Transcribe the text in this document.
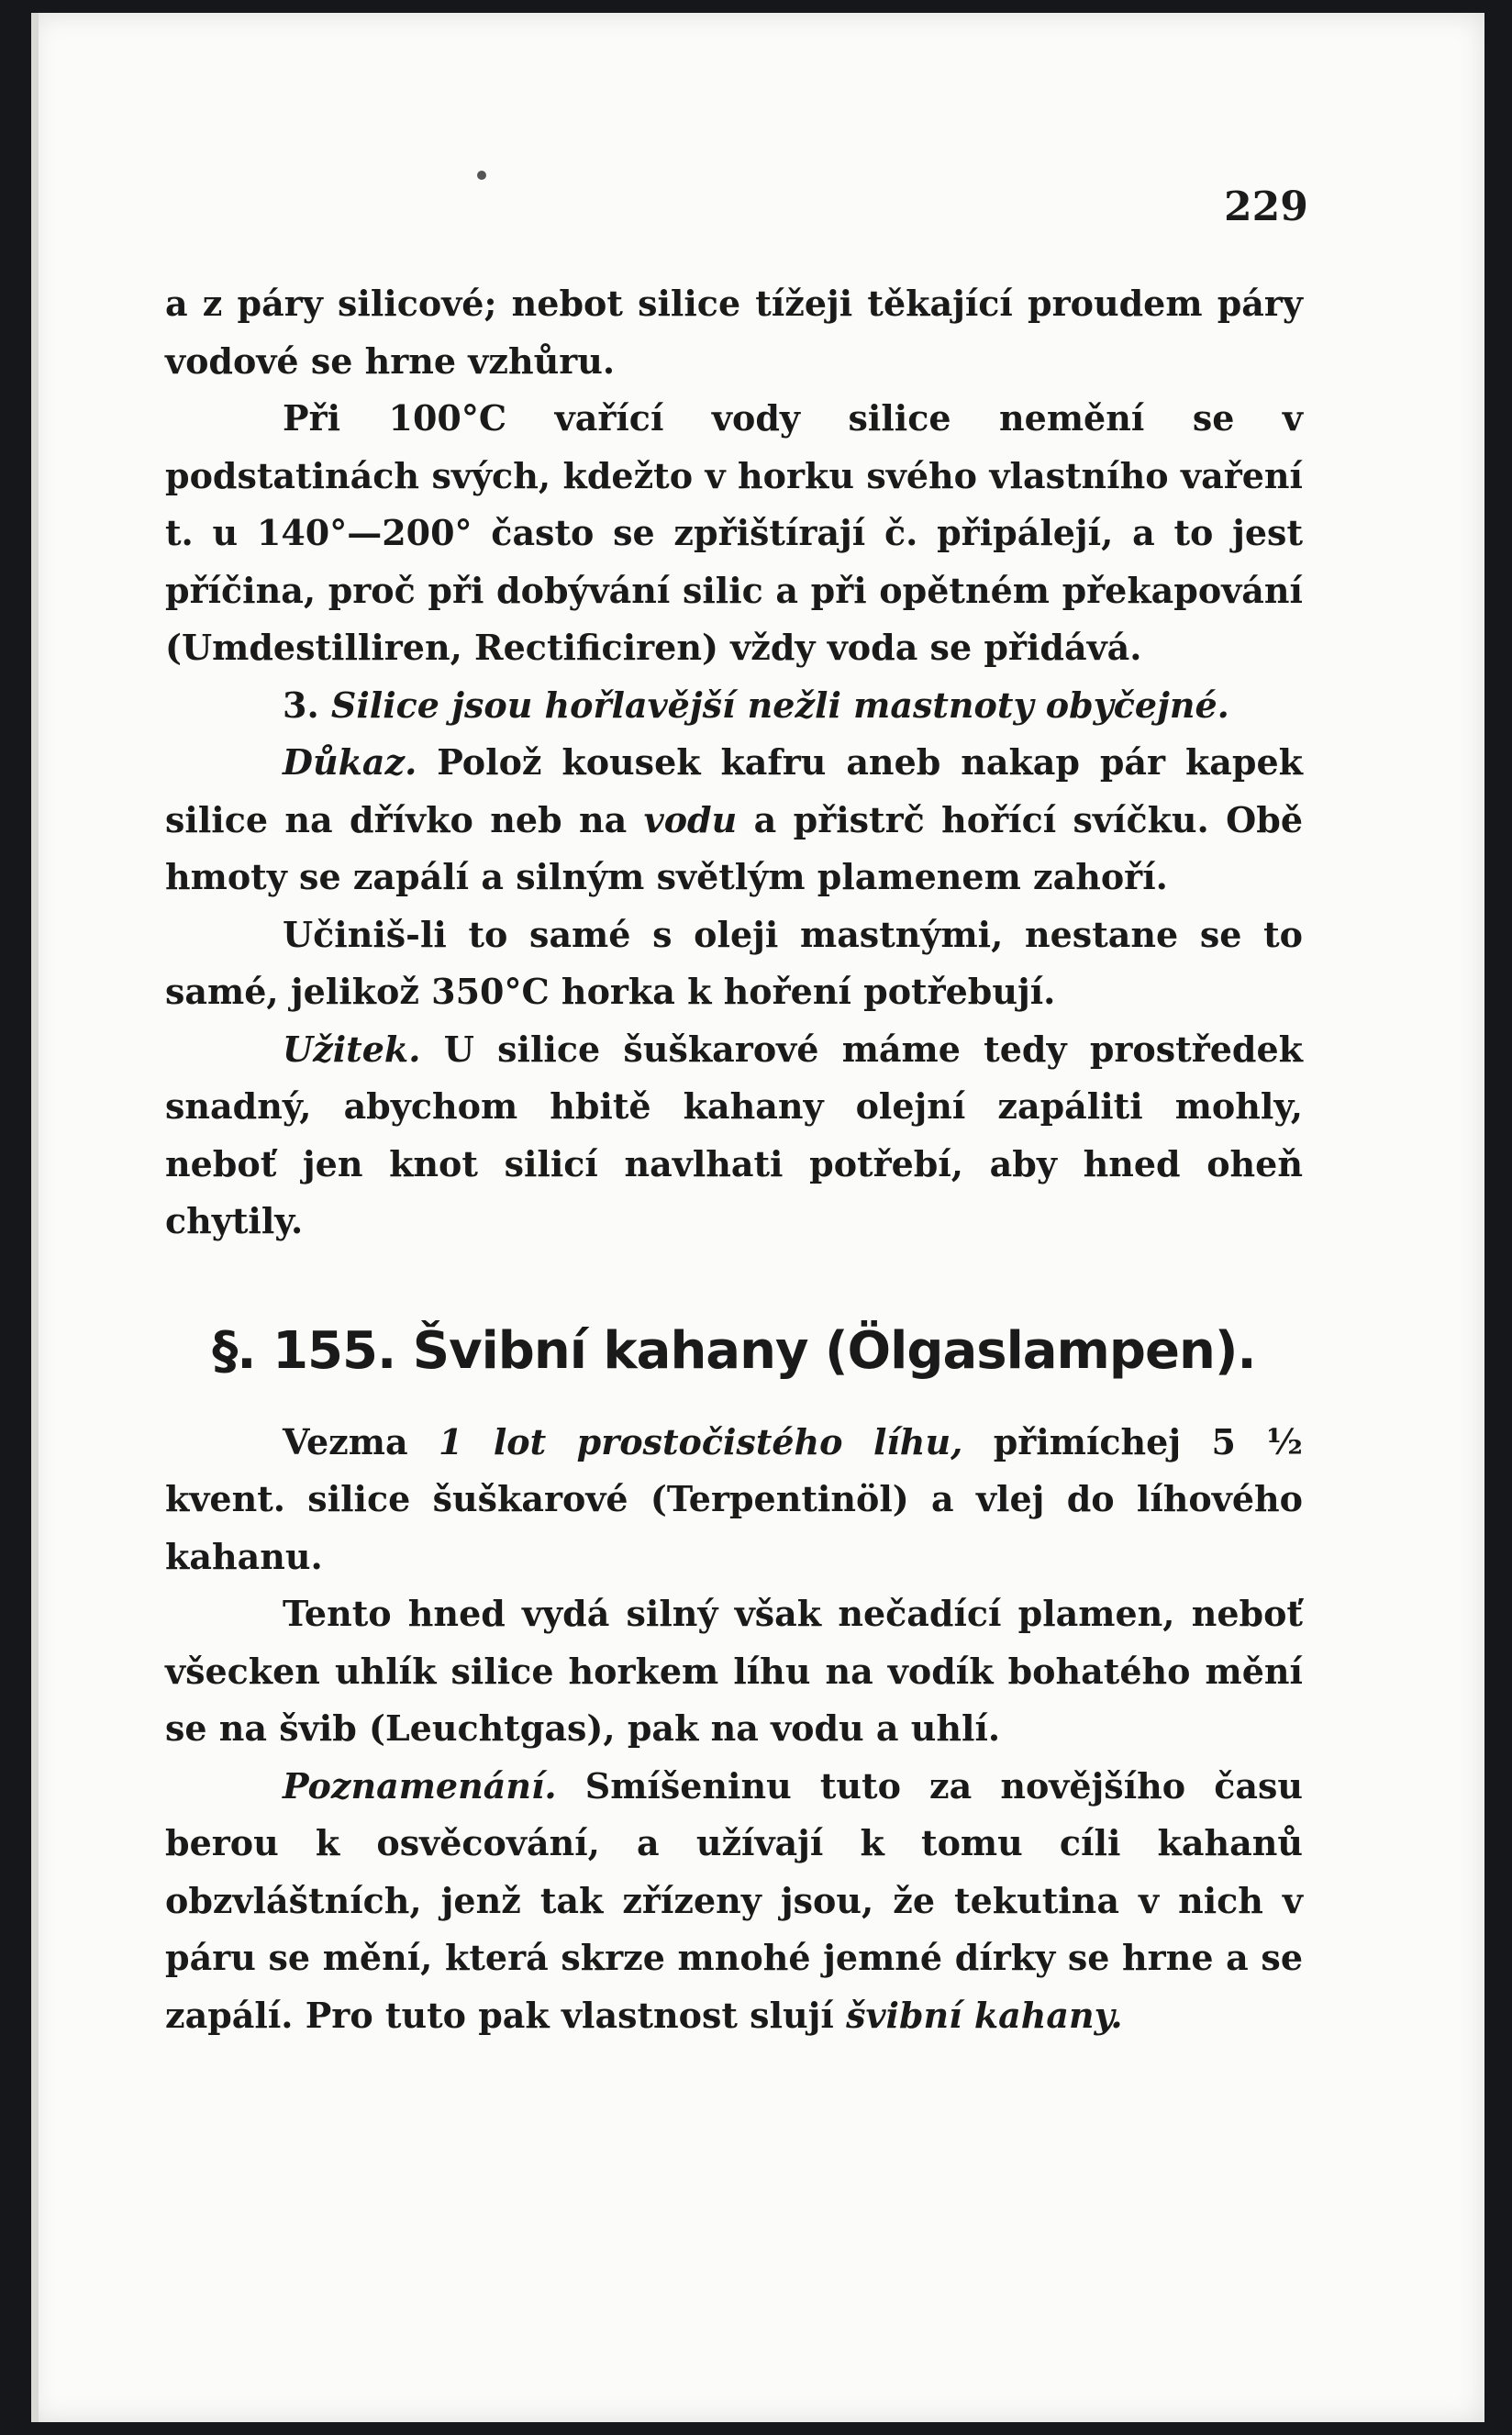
229

a z páry silicové; nebot silice tížeji těkající proudem páry vodové se hrne vzhůru.

Při 100°C vařící vody silice nemění se v podstatinách svých, kdežto v horku svého vlastního vaření t. u 140°—200° často se zpřištírají č. připálejí, a to jest příčina, proč při dobývání silic a při opětném překapování (Umdestilliren, Rectificiren) vždy voda se přidává.

3. Silice jsou hořlavější nežli mastnoty obyčejné.

Důkaz. Polož kousek kafru aneb nakap pár kapek silice na dřívko neb na vodu a přistrč hořící svíčku. Obě hmoty se zapálí a silným světlým plamenem zahoří.

Učiniš-li to samé s oleji mastnými, nestane se to samé, jelikož 350°C horka k hoření potřebují.

Užitek. U silice šuškarové máme tedy prostředek snadný, abychom hbitě kahany olejní zapáliti mohly, neboť jen knot silicí navlhati potřebí, aby hned oheň chytily.

§. 155. Švibní kahany (Ölgaslampen).

Vezma 1 lot prostočistého líhu, přimíchej 5 ½ kvent. silice šuškarové (Terpentinöl) a vlej do líhového kahanu.

Tento hned vydá silný však nečadící plamen, neboť všecken uhlík silice horkem líhu na vodík bohatého mění se na švib (Leuchtgas), pak na vodu a uhlí.

Poznamenání. Smíšeninu tuto za novějšího času berou k osvěcování, a užívají k tomu cíli kahanů obzvláštních, jenž tak zřízeny jsou, že tekutina v nich v páru se mění, která skrze mnohé jemné dírky se hrne a se zapálí. Pro tuto pak vlastnost slují švibní kahany.
